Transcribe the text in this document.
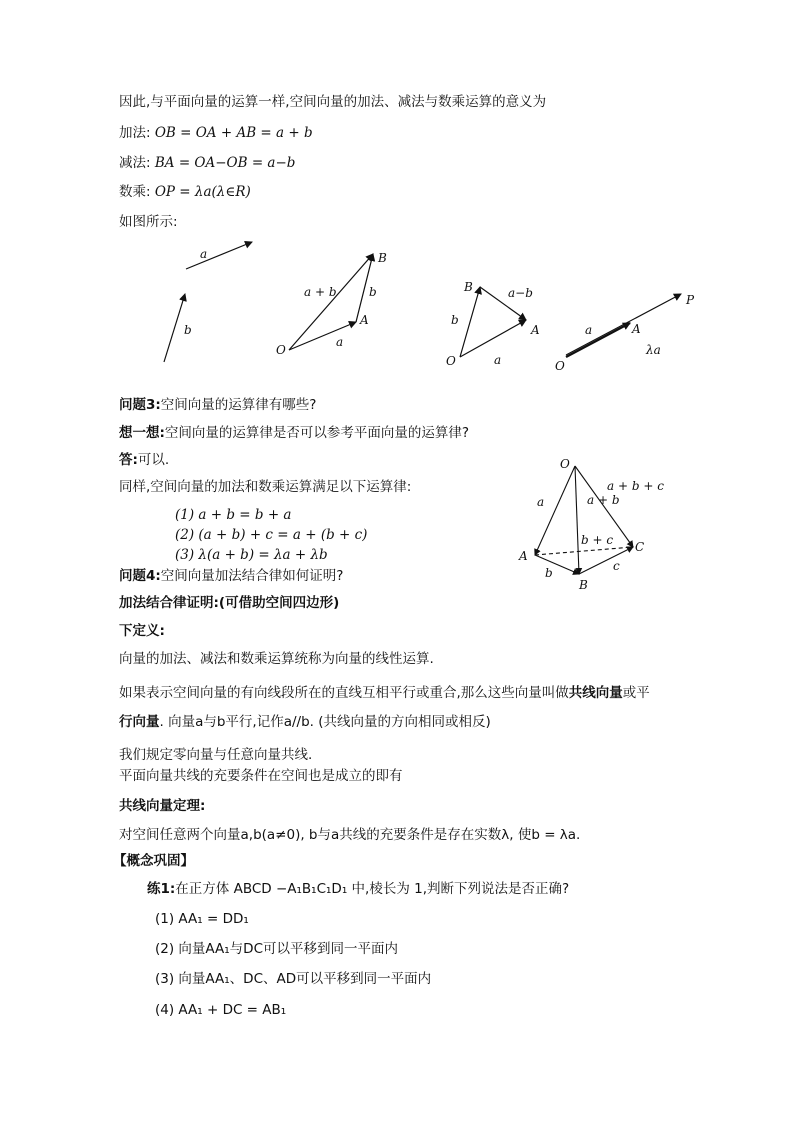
因此,与平面向量的运算一样,空间向量的加法、减法与数乘运算的意义为
加法: OB = OA + AB = a + b
减法: BA = OA−OB = a−b
数乘: OP = λa(λ∈R)
如图所示:
a
b
a + b	b
a
O
A
B
a−b
b
a
O
B
A	a	A
P
λa
O
问题3:空间向量的运算律有哪些?
想一想:空间向量的运算律是否可以参考平面向量的运算律?
答:可以.
同样,空间向量的加法和数乘运算满足以下运算律:
(1) a + b = b + a
(2) (a + b) + c = a + (b + c)
(3) λ(a + b) = λa + λb
O
A
B
C
a
b	c
a + b
b + c
a + b + c
问题4:空间向量加法结合律如何证明?
加法结合律证明:(可借助空间四边形)
下定义:
向量的加法、减法和数乘运算统称为向量的线性运算.
如果表示空间向量的有向线段所在的直线互相平行或重合,那么这些向量叫做共线向量或平
行向量. 向量a与b平行,记作a//b. (共线向量的方向相同或相反)
我们规定零向量与任意向量共线.
平面向量共线的充要条件在空间也是成立的即有
共线向量定理:
对空间任意两个向量a,b(a≠0), b与a共线的充要条件是存在实数λ, 使b = λa.
【概念巩固】
练1:在正方体 ABCD −A₁B₁C₁D₁ 中,棱长为 1,判断下列说法是否正确?
(1) AA₁ = DD₁
(2) 向量AA₁与DC可以平移到同一平面内
(3) 向量AA₁、DC、AD可以平移到同一平面内
(4) AA₁ + DC = AB₁
